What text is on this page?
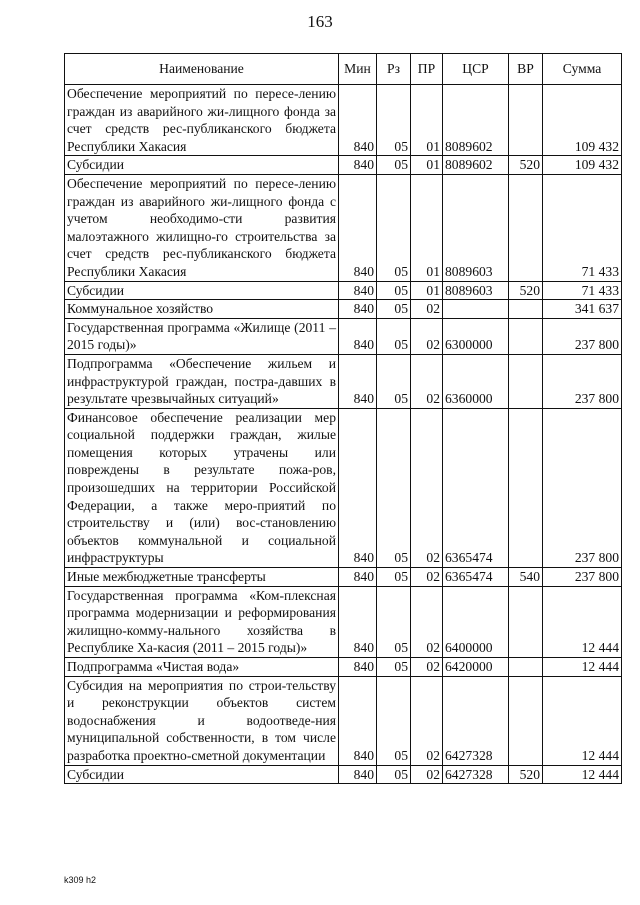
163
Наименование	Мин	Рз	ПР	ЦСР	ВР	Сумма
Обеспечение мероприятий по пересе-лению граждан из аварийного жи-лищного фонда за счет средств рес-публиканского бюджета Республики Хакасия	840	05	01	8089602		109 432
Субсидии	840	05	01	8089602	520	109 432
Обеспечение мероприятий по пересе-лению граждан из аварийного жи-лищного фонда с учетом необходимо-сти развития малоэтажного жилищно-го строительства за счет средств рес-публиканского бюджета Республики Хакасия	840	05	01	8089603		71 433
Субсидии	840	05	01	8089603	520	71 433
Коммунальное хозяйство	840	05	02			341 637
Государственная программа «Жилище (2011 – 2015 годы)»	840	05	02	6300000		237 800
Подпрограмма «Обеспечение жильем и инфраструктурой граждан, постра-давших в результате чрезвычайных ситуаций»	840	05	02	6360000		237 800
Финансовое обеспечение реализации мер социальной поддержки граждан, жилые помещения которых утрачены или повреждены в результате пожа-ров, произошедших на территории Российской Федерации, а также меро-приятий по строительству и (или) вос-становлению объектов коммунальной и социальной инфраструктуры	840	05	02	6365474		237 800
Иные межбюджетные трансферты	840	05	02	6365474	540	237 800
Государственная программа «Ком-плексная программа модернизации и реформирования жилищно-комму-нального хозяйства в Республике Ха-касия (2011 – 2015 годы)»	840	05	02	6400000		12 444
Подпрограмма «Чистая вода»	840	05	02	6420000		12 444
Субсидия на мероприятия по строи-тельству и реконструкции объектов систем водоснабжения и водоотведе-ния муниципальной собственности, в том числе разработка проектно-сметной документации	840	05	02	6427328		12 444
Субсидии	840	05	02	6427328	520	12 444
k309 h2
